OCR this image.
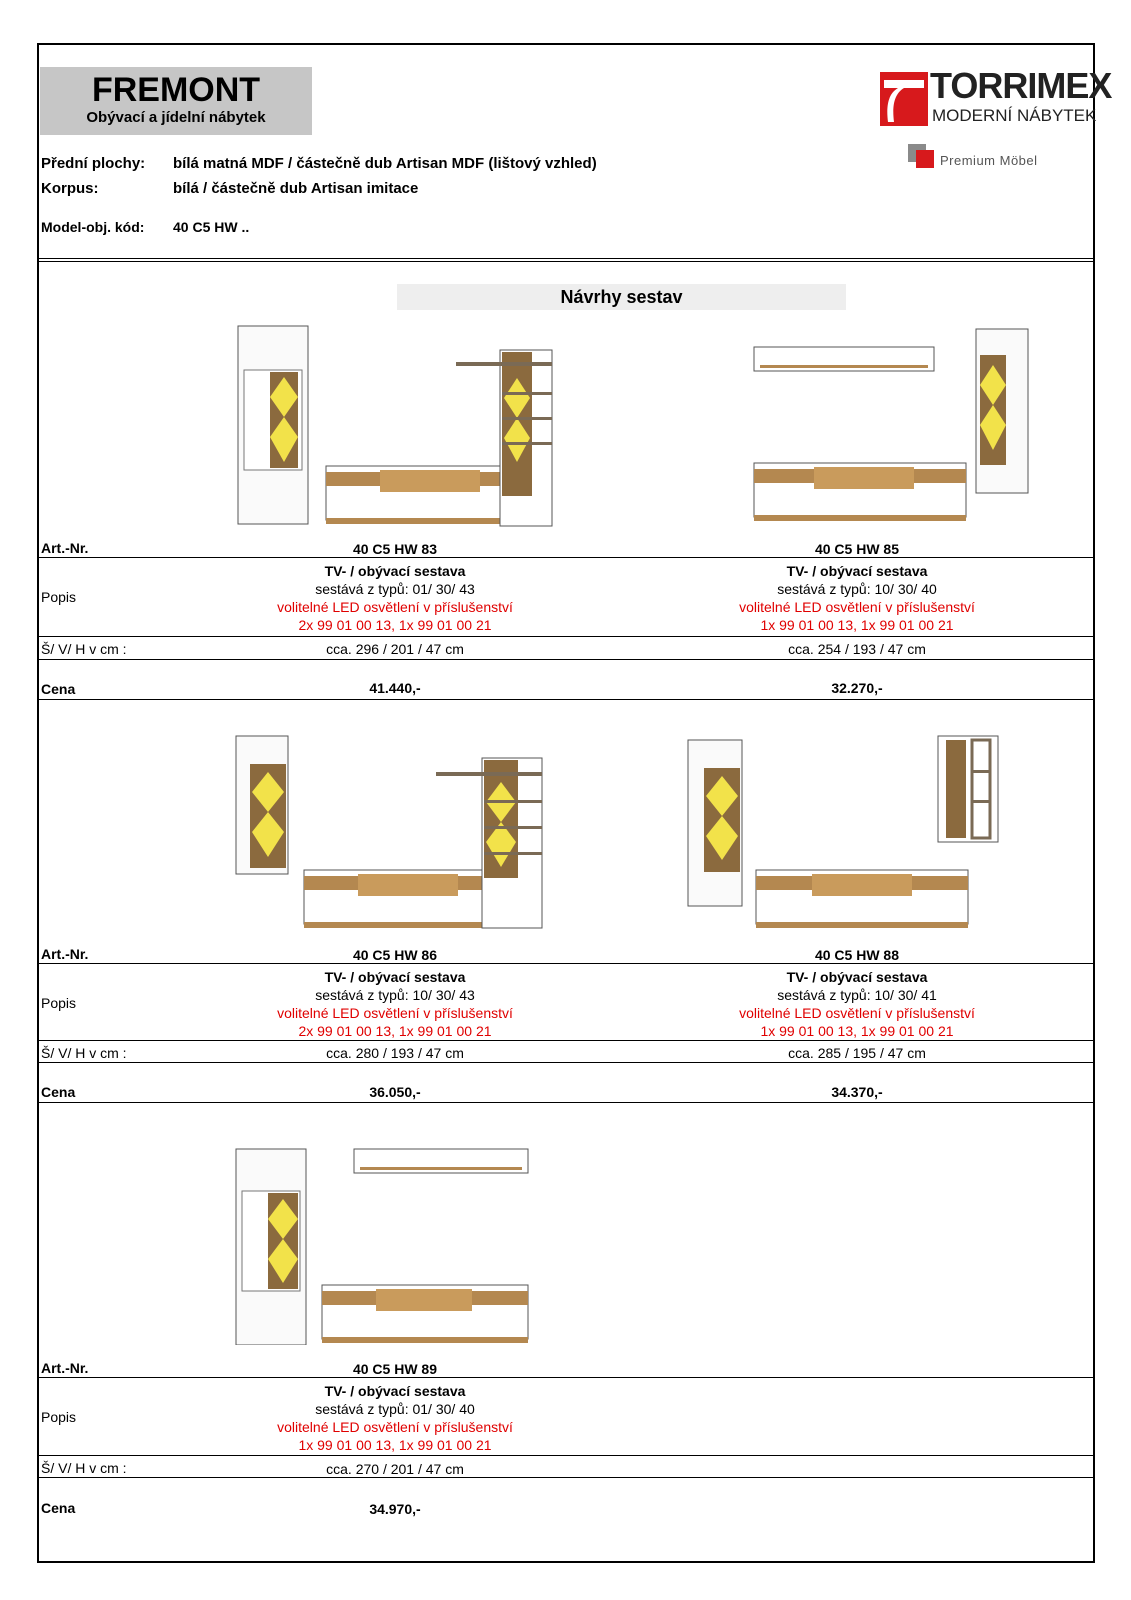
FREMONT
Obývací a jídelní nábytek
TORRIMEX
MODERNÍ NÁBYTEK
Premium Möbel
Přední plochy: bílá matná MDF / částečně dub Artisan MDF (lištový vzhled)
Korpus:	bílá / částečně dub Artisan imitace
Model-obj. kód: 40 C5 HW ..
Návrhy sestav
Art.-Nr.
Popis
Š/ V/ H v cm :
Cena
40 C5 HW 83
TV- / obývací sestava
sestává z typů: 01/ 30/ 43
volitelné LED osvětlení v příslušenství
2x 99 01 00 13, 1x 99 01 00 21
cca. 296 / 201 / 47 cm
41.440,-
40 C5 HW 85
TV- / obývací sestava
sestává z typů: 10/ 30/ 40
volitelné LED osvětlení v příslušenství
1x 99 01 00 13, 1x 99 01 00 21
cca. 254 / 193 / 47 cm
32.270,-
Art.-Nr.
Popis
Š/ V/ H v cm :
Cena
40 C5 HW 86
TV- / obývací sestava
sestává z typů: 10/ 30/ 43
volitelné LED osvětlení v příslušenství
2x 99 01 00 13, 1x 99 01 00 21
cca. 280 / 193 / 47 cm
36.050,-
40 C5 HW 88
TV- / obývací sestava
sestává z typů: 10/ 30/ 41
volitelné LED osvětlení v příslušenství
1x 99 01 00 13, 1x 99 01 00 21
cca. 285 / 195 / 47 cm
34.370,-
Art.-Nr.
Popis
Š/ V/ H v cm :
Cena
40 C5 HW 89
TV- / obývací sestava
sestává z typů: 01/ 30/ 40
volitelné LED osvětlení v příslušenství
1x 99 01 00 13, 1x 99 01 00 21
cca. 270 / 201 / 47 cm
34.970,-
